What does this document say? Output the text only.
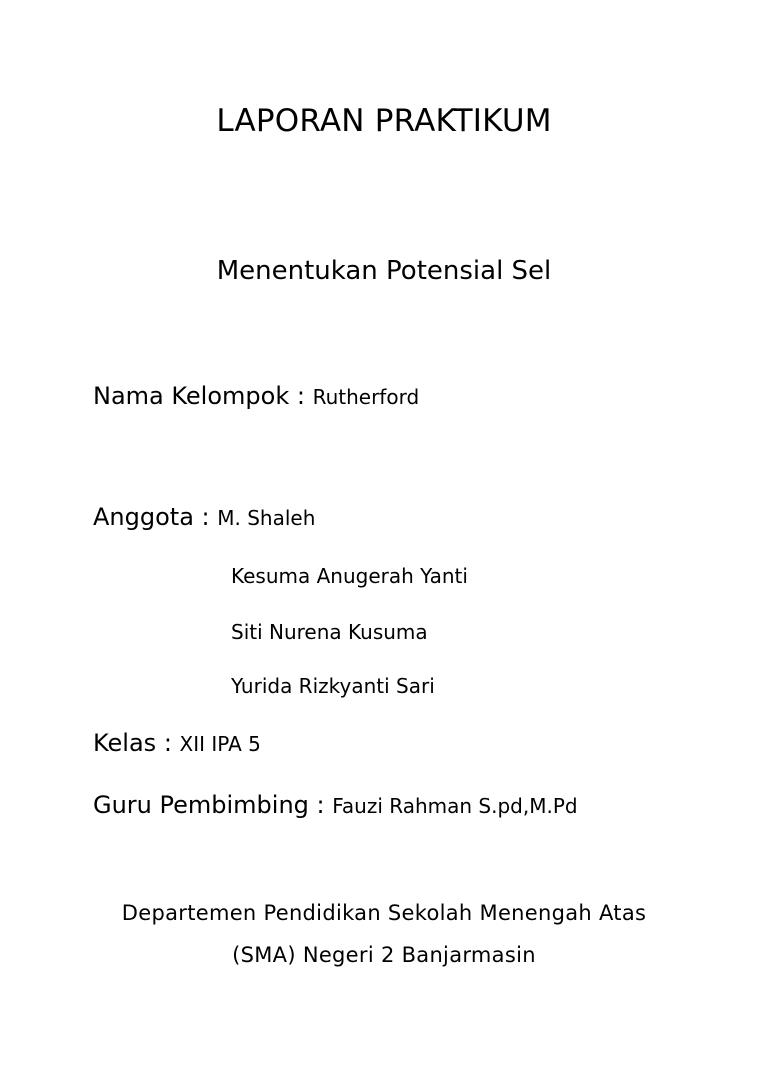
LAPORAN PRAKTIKUM
Menentukan Potensial Sel
Nama Kelompok : Rutherford
Anggota : M. Shaleh
Kesuma Anugerah Yanti
Siti Nurena Kusuma
Yurida Rizkyanti Sari
Kelas : XII IPA 5
Guru Pembimbing : Fauzi Rahman S.pd,M.Pd
Departemen Pendidikan Sekolah Menengah Atas
(SMA) Negeri 2 Banjarmasin
